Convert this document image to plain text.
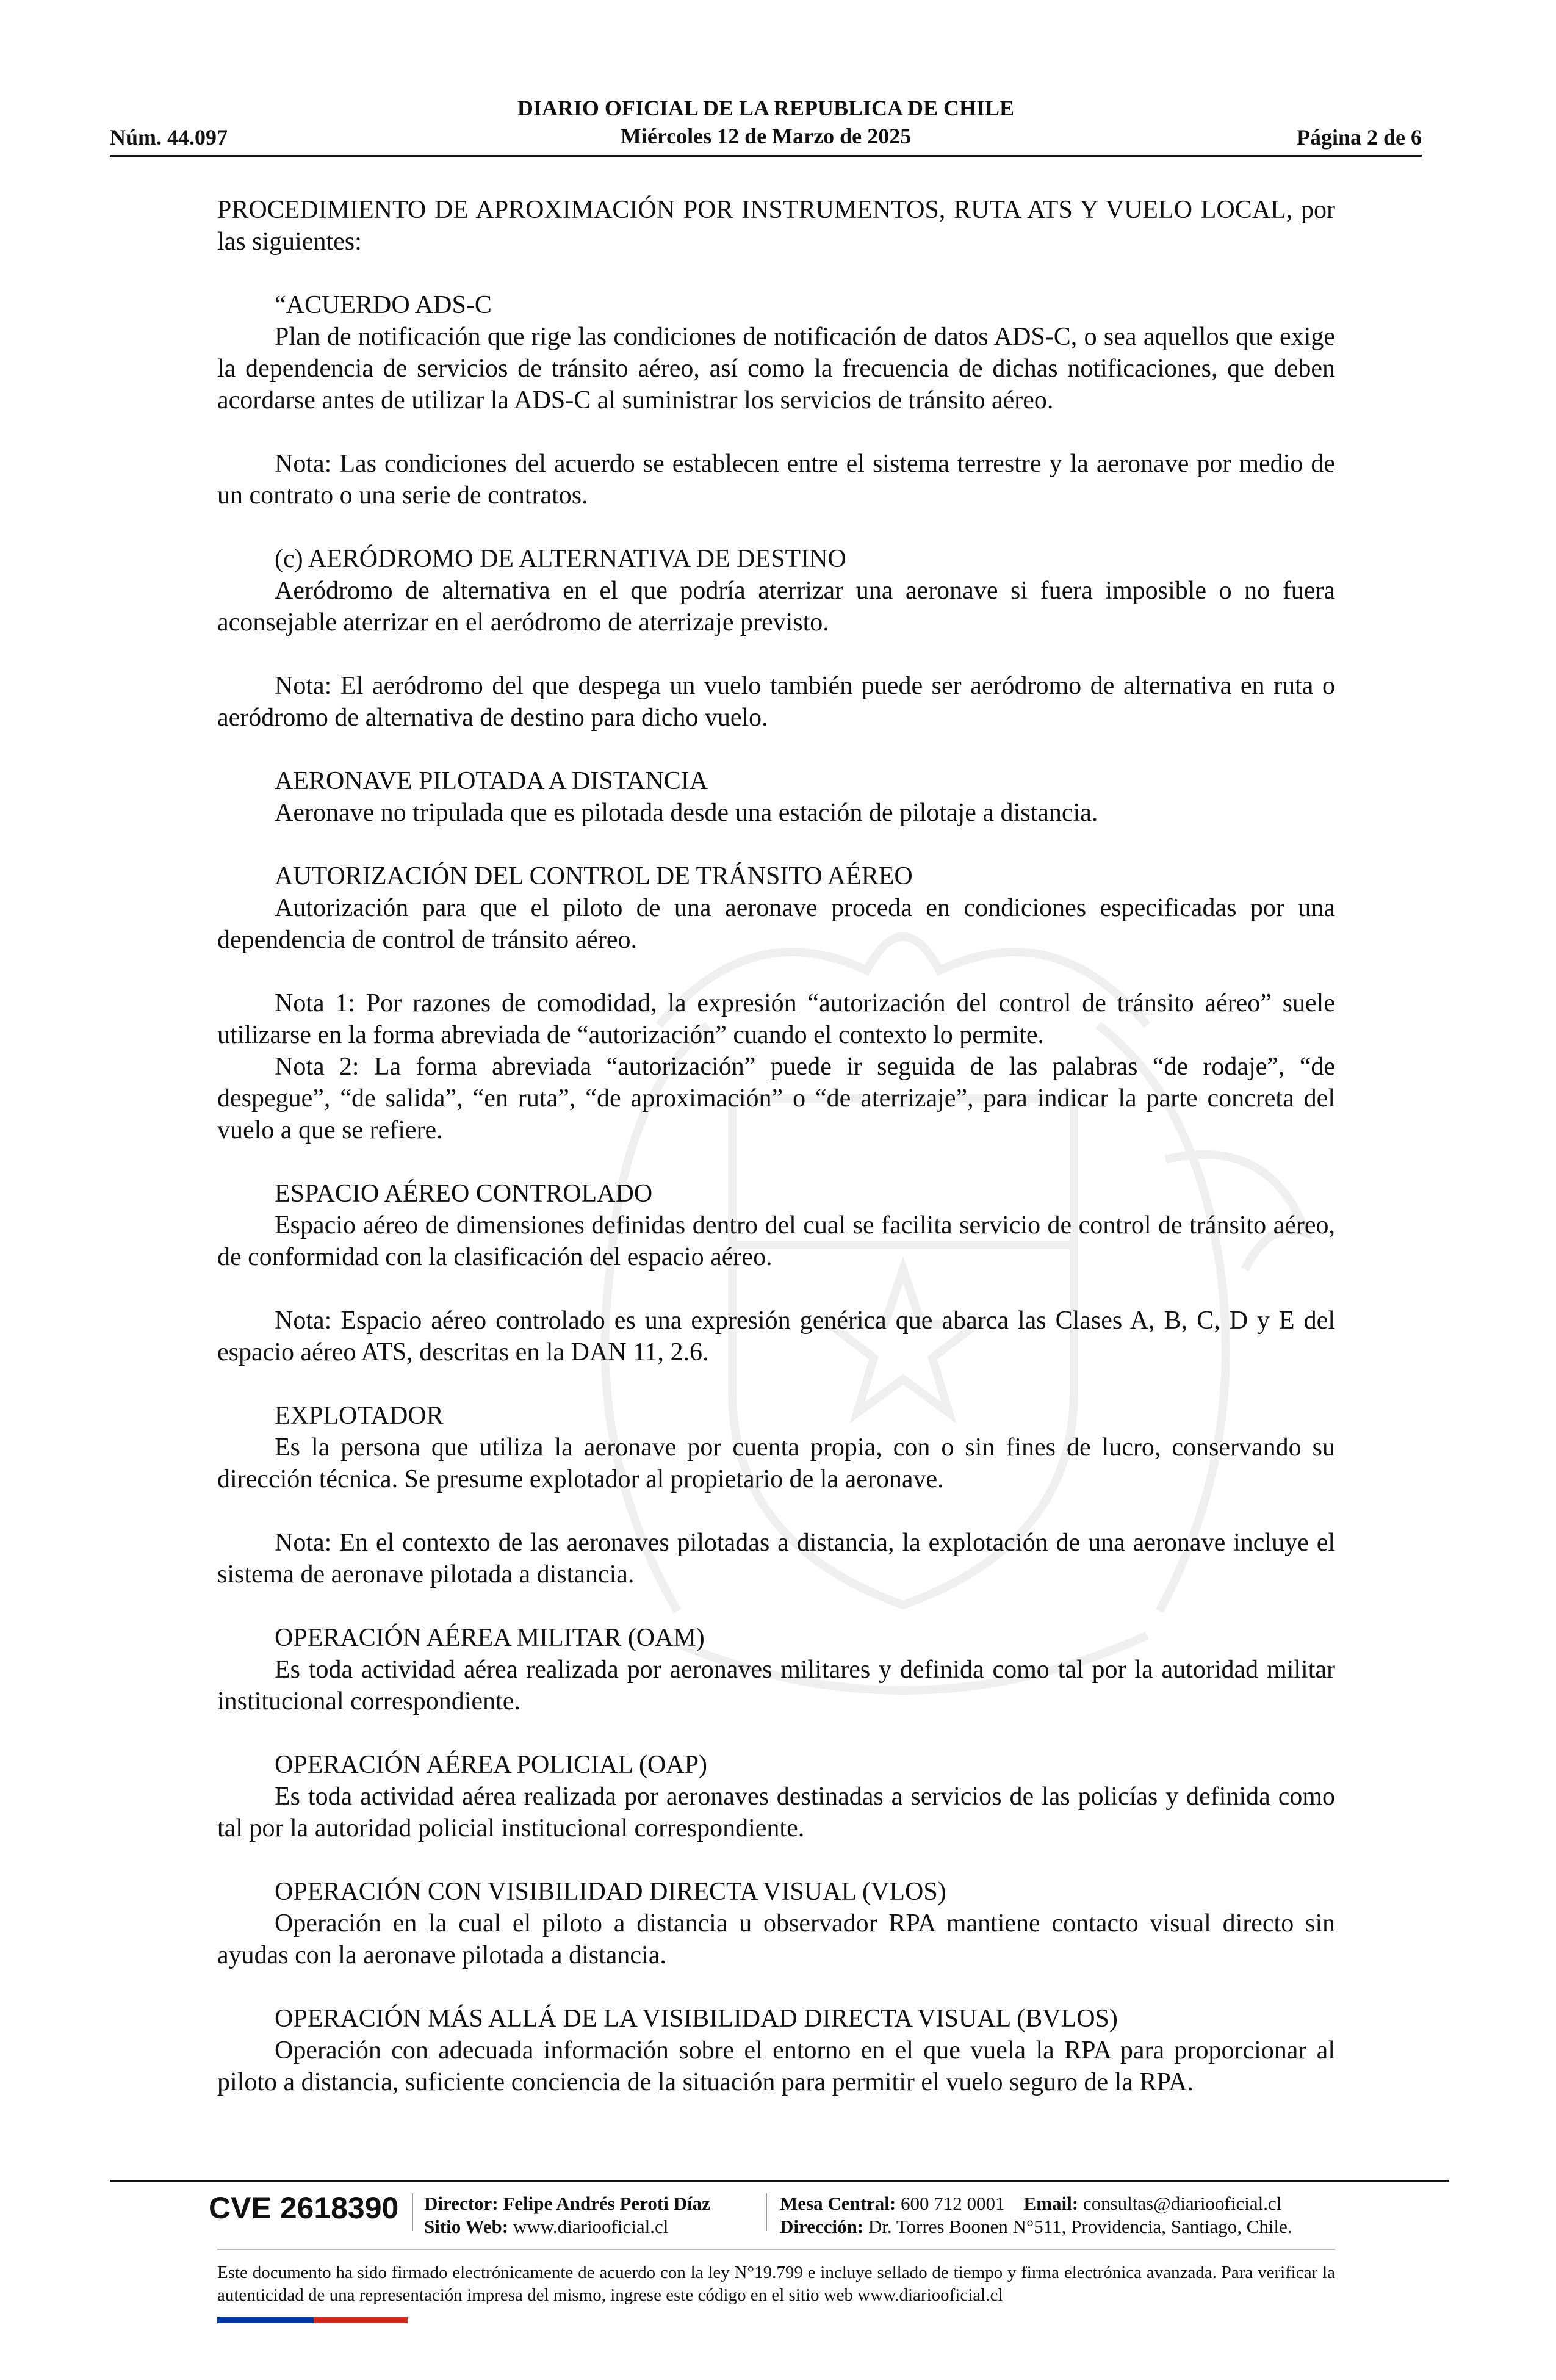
Núm. 44.097
DIARIO OFICIAL DE LA REPUBLICA DE CHILE
Miércoles 12 de Marzo de 2025	Página 2 de 6

PROCEDIMIENTO DE APROXIMACIÓN POR INSTRUMENTOS, RUTA ATS Y VUELO LOCAL, por las siguientes:

“ACUERDO ADS-C

Plan de notificación que rige las condiciones de notificación de datos ADS-C, o sea aquellos que exige la dependencia de servicios de tránsito aéreo, así como la frecuencia de dichas notificaciones, que deben acordarse antes de utilizar la ADS-C al suministrar los servicios de tránsito aéreo.

Nota: Las condiciones del acuerdo se establecen entre el sistema terrestre y la aeronave por medio de un contrato o una serie de contratos.

(c) AERÓDROMO DE ALTERNATIVA DE DESTINO

Aeródromo de alternativa en el que podría aterrizar una aeronave si fuera imposible o no fuera aconsejable aterrizar en el aeródromo de aterrizaje previsto.

Nota: El aeródromo del que despega un vuelo también puede ser aeródromo de alternativa en ruta o aeródromo de alternativa de destino para dicho vuelo.

AERONAVE PILOTADA A DISTANCIA

Aeronave no tripulada que es pilotada desde una estación de pilotaje a distancia.

AUTORIZACIÓN DEL CONTROL DE TRÁNSITO AÉREO

Autorización para que el piloto de una aeronave proceda en condiciones especificadas por una dependencia de control de tránsito aéreo.

Nota 1: Por razones de comodidad, la expresión “autorización del control de tránsito aéreo” suele utilizarse en la forma abreviada de “autorización” cuando el contexto lo permite.

Nota 2: La forma abreviada “autorización” puede ir seguida de las palabras “de rodaje”, “de despegue”, “de salida”, “en ruta”, “de aproximación” o “de aterrizaje”, para indicar la parte concreta del vuelo a que se refiere.

ESPACIO AÉREO CONTROLADO

Espacio aéreo de dimensiones definidas dentro del cual se facilita servicio de control de tránsito aéreo, de conformidad con la clasificación del espacio aéreo.

Nota: Espacio aéreo controlado es una expresión genérica que abarca las Clases A, B, C, D y E del espacio aéreo ATS, descritas en la DAN 11, 2.6.

EXPLOTADOR

Es la persona que utiliza la aeronave por cuenta propia, con o sin fines de lucro, conservando su dirección técnica. Se presume explotador al propietario de la aeronave.

Nota: En el contexto de las aeronaves pilotadas a distancia, la explotación de una aeronave incluye el sistema de aeronave pilotada a distancia.

OPERACIÓN AÉREA MILITAR (OAM)

Es toda actividad aérea realizada por aeronaves militares y definida como tal por la autoridad militar institucional correspondiente.

OPERACIÓN AÉREA POLICIAL (OAP)

Es toda actividad aérea realizada por aeronaves destinadas a servicios de las policías y definida como tal por la autoridad policial institucional correspondiente.

OPERACIÓN CON VISIBILIDAD DIRECTA VISUAL (VLOS)

Operación en la cual el piloto a distancia u observador RPA mantiene contacto visual directo sin ayudas con la aeronave pilotada a distancia.

OPERACIÓN MÁS ALLÁ DE LA VISIBILIDAD DIRECTA VISUAL (BVLOS)

Operación con adecuada información sobre el entorno en el que vuela la RPA para proporcionar al piloto a distancia, suficiente conciencia de la situación para permitir el vuelo seguro de la RPA.

CVE 2618390 Director: Felipe Andrés Peroti Díaz
Sitio Web: www.diariooficial.cl
Mesa Central: 600 712 0001 Email: consultas@diariooficial.cl
Dirección: Dr. Torres Boonen N°511, Providencia, Santiago, Chile.
Este documento ha sido firmado electrónicamente de acuerdo con la ley N°19.799 e incluye sellado de tiempo y firma electrónica avanzada. Para verificar la autenticidad de una representación impresa del mismo, ingrese este código en el sitio web www.diariooficial.cl
